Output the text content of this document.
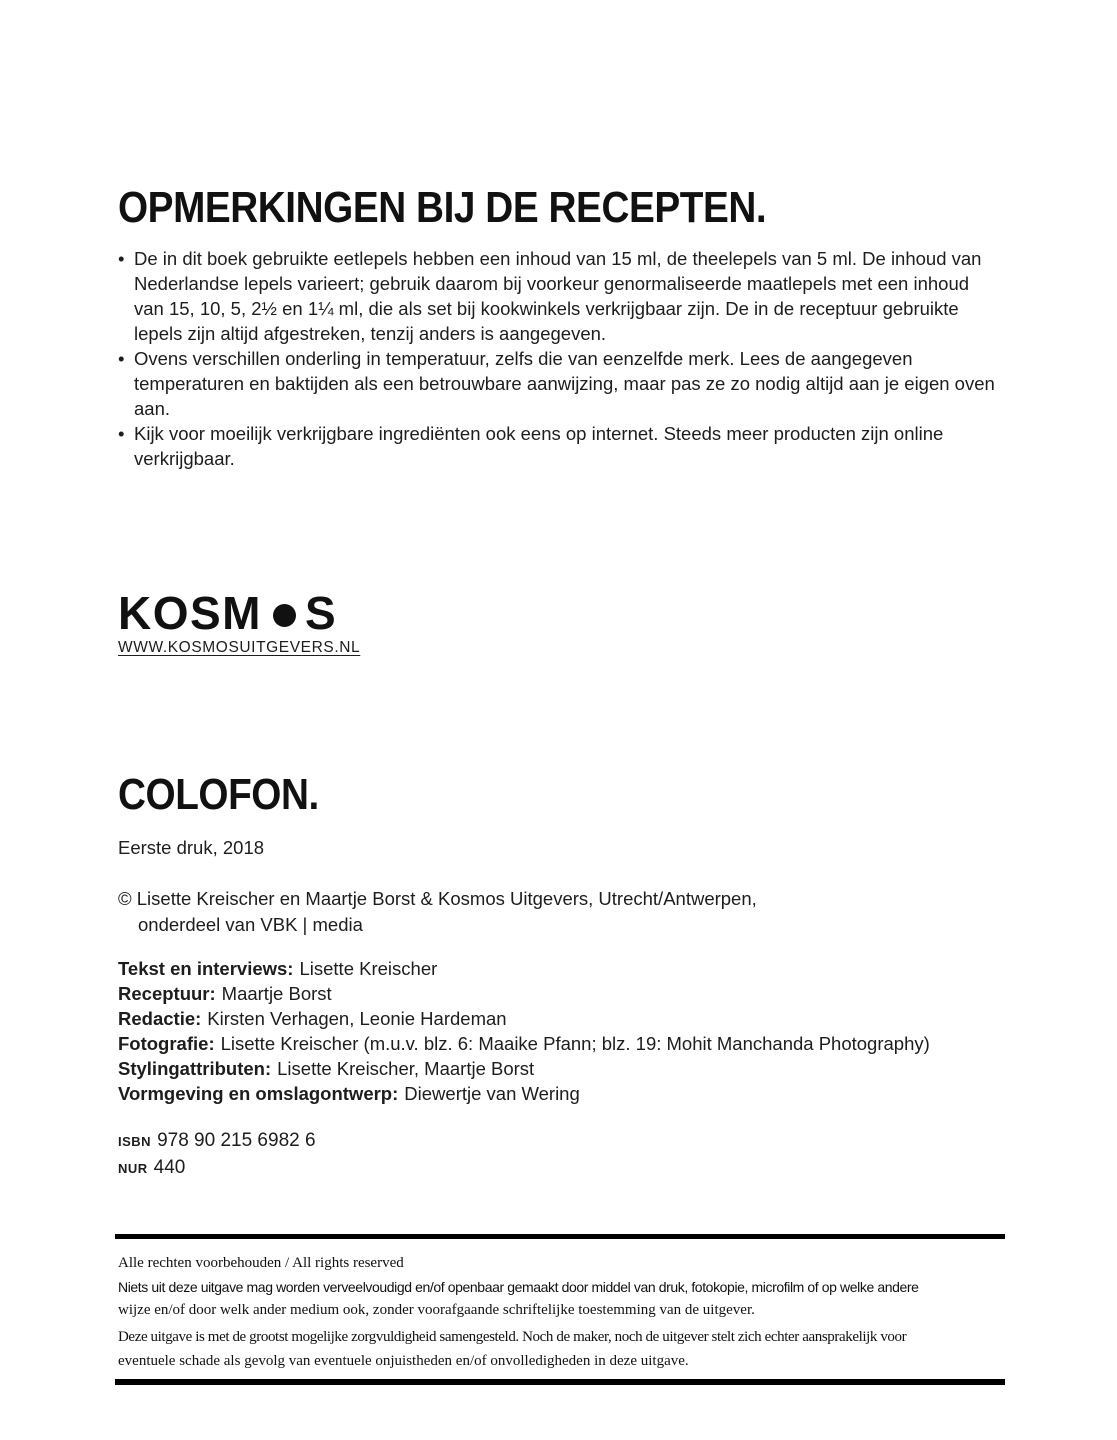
OPMERKINGEN BIJ DE RECEPTEN.
• De in dit boek gebruikte eetlepels hebben een inhoud van 15 ml, de theelepels van 5 ml. De inhoud van Nederlandse lepels varieert; gebruik daarom bij voorkeur genormaliseerde maatlepels met een inhoud van 15, 10, 5, 2½ en 1¼ ml, die als set bij kookwinkels verkrijgbaar zijn. De in de receptuur gebruikte lepels zijn altijd afgestreken, tenzij anders is aangegeven.
• Ovens verschillen onderling in temperatuur, zelfs die van eenzelfde merk. Lees de aangegeven temperaturen en baktijden als een betrouwbare aanwijzing, maar pas ze zo nodig altijd aan je eigen oven aan.
• Kijk voor moeilijk verkrijgbare ingrediënten ook eens op internet. Steeds meer producten zijn online verkrijgbaar.
KOSM S
WWW.KOSMOSUITGEVERS.NL
COLOFON.
Eerste druk, 2018
© Lisette Kreischer en Maartje Borst & Kosmos Uitgevers, Utrecht/Antwerpen,
onderdeel van VBK | media
Tekst en interviews: Lisette Kreischer
Receptuur: Maartje Borst
Redactie: Kirsten Verhagen, Leonie Hardeman
Fotografie: Lisette Kreischer (m.u.v. blz. 6: Maaike Pfann; blz. 19: Mohit Manchanda Photography)
Stylingattributen: Lisette Kreischer, Maartje Borst
Vormgeving en omslagontwerp: Diewertje van Wering
ISBN 978 90 215 6982 6
NUR 440
Alle rechten voorbehouden / All rights reserved
Niets uit deze uitgave mag worden verveelvoudigd en/of openbaar gemaakt door middel van druk, fotokopie, microfilm of op welke andere
wijze en/of door welk ander medium ook, zonder voorafgaande schriftelijke toestemming van de uitgever.
Deze uitgave is met de grootst mogelijke zorgvuldigheid samengesteld. Noch de maker, noch de uitgever stelt zich echter aansprakelijk voor
eventuele schade als gevolg van eventuele onjuistheden en/of onvolledigheden in deze uitgave.
